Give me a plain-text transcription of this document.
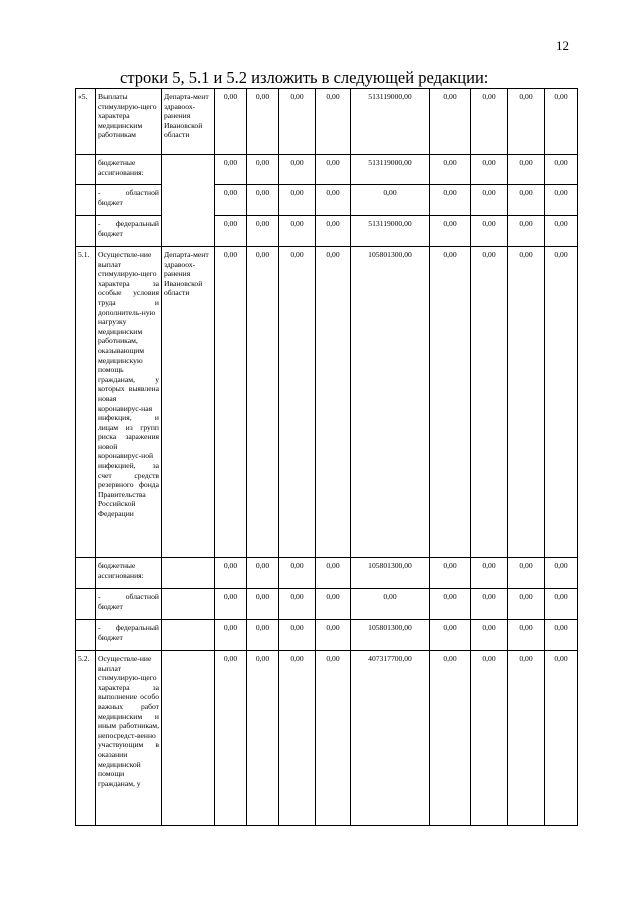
12
строки 5, 5.1 и 5.2 изложить в следующей редакции:
«5.	Выплаты стимулирую-щего характера медицинским работникам	Департа-мент здравоох-ранения Ивановской области	0,00	0,00	0,00	0,00	513119000,00	0,00	0,00	0,00	0,00
	бюджетные ассигнования:		0,00	0,00	0,00	0,00	513119000,00	0,00	0,00	0,00	0,00
	- областной бюджет		0,00	0,00	0,00	0,00	0,00	0,00	0,00	0,00	0,00
	- федеральный бюджет		0,00	0,00	0,00	0,00	513119000,00	0,00	0,00	0,00	0,00
5.1.	Осуществле-ние выплат стимулирую-щего характера за особые условия труда и дополнитель-ную нагрузку медицинским работникам, оказывающим медицинскую помощь гражданам, у которых выявлена новая коронавирус-ная инфекция, и лицам из групп риска заражения новой коронавирус-ной инфекцией, за счет средств резервного фонда Правительства Российской Федерации	Департа-мент здравоох-ранения Ивановской области	0,00	0,00	0,00	0,00	105801300,00	0,00	0,00	0,00	0,00
	бюджетные ассигнования:		0,00	0,00	0,00	0,00	105801300,00	0,00	0,00	0,00	0,00
	- областной бюджет		0,00	0,00	0,00	0,00	0,00	0,00	0,00	0,00	0,00
	- федеральный бюджет		0,00	0,00	0,00	0,00	105801300,00	0,00	0,00	0,00	0,00
5.2.	Осуществле-ние выплат стимулирую-щего характера за выполнение особо важных работ медицинским и иным работникам, непосредст-венно участвующим в оказании медицинской помощи гражданам, у		0,00	0,00	0,00	0,00	407317700,00	0,00	0,00	0,00	0,00
